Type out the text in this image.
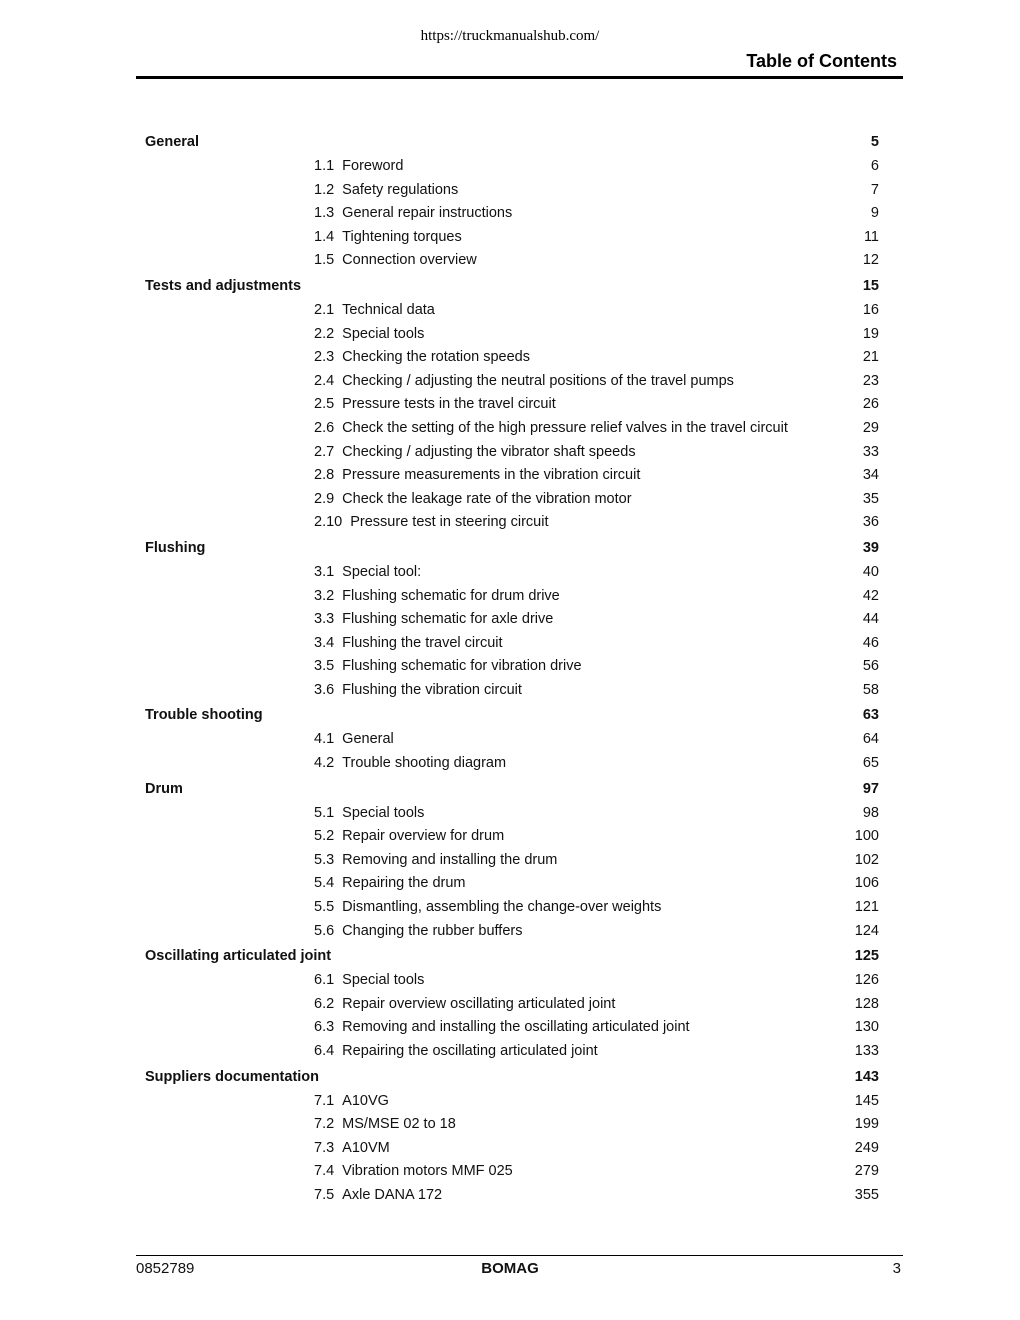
https://truckmanualshub.com/
Table of Contents
General	5
1.1 Foreword	6
1.2 Safety regulations	7
1.3 General repair instructions	9
1.4 Tightening torques	11
1.5 Connection overview	12
Tests and adjustments	15
2.1 Technical data	16
2.2 Special tools	19
2.3 Checking the rotation speeds	21
2.4 Checking / adjusting the neutral positions of the travel pumps	23
2.5 Pressure tests in the travel circuit	26
2.6 Check the setting of the high pressure relief valves in the travel circuit	29
2.7 Checking / adjusting the vibrator shaft speeds	33
2.8 Pressure measurements in the vibration circuit	34
2.9 Check the leakage rate of the vibration motor	35
2.10 Pressure test in steering circuit	36
Flushing	39
3.1 Special tool:	40
3.2 Flushing schematic for drum drive	42
3.3 Flushing schematic for axle drive	44
3.4 Flushing the travel circuit	46
3.5 Flushing schematic for vibration drive	56
3.6 Flushing the vibration circuit	58
Trouble shooting	63
4.1 General	64
4.2 Trouble shooting diagram	65
Drum	97
5.1 Special tools	98
5.2 Repair overview for drum	100
5.3 Removing and installing the drum	102
5.4 Repairing the drum	106
5.5 Dismantling, assembling the change-over weights	121
5.6 Changing the rubber buffers	124
Oscillating articulated joint	125
6.1 Special tools	126
6.2 Repair overview oscillating articulated joint	128
6.3 Removing and installing the oscillating articulated joint	130
6.4 Repairing the oscillating articulated joint	133
Suppliers documentation	143
7.1 A10VG	145
7.2 MS/MSE 02 to 18	199
7.3 A10VM	249
7.4 Vibration motors MMF 025	279
7.5 Axle DANA 172	355
0852789	BOMAG	3
